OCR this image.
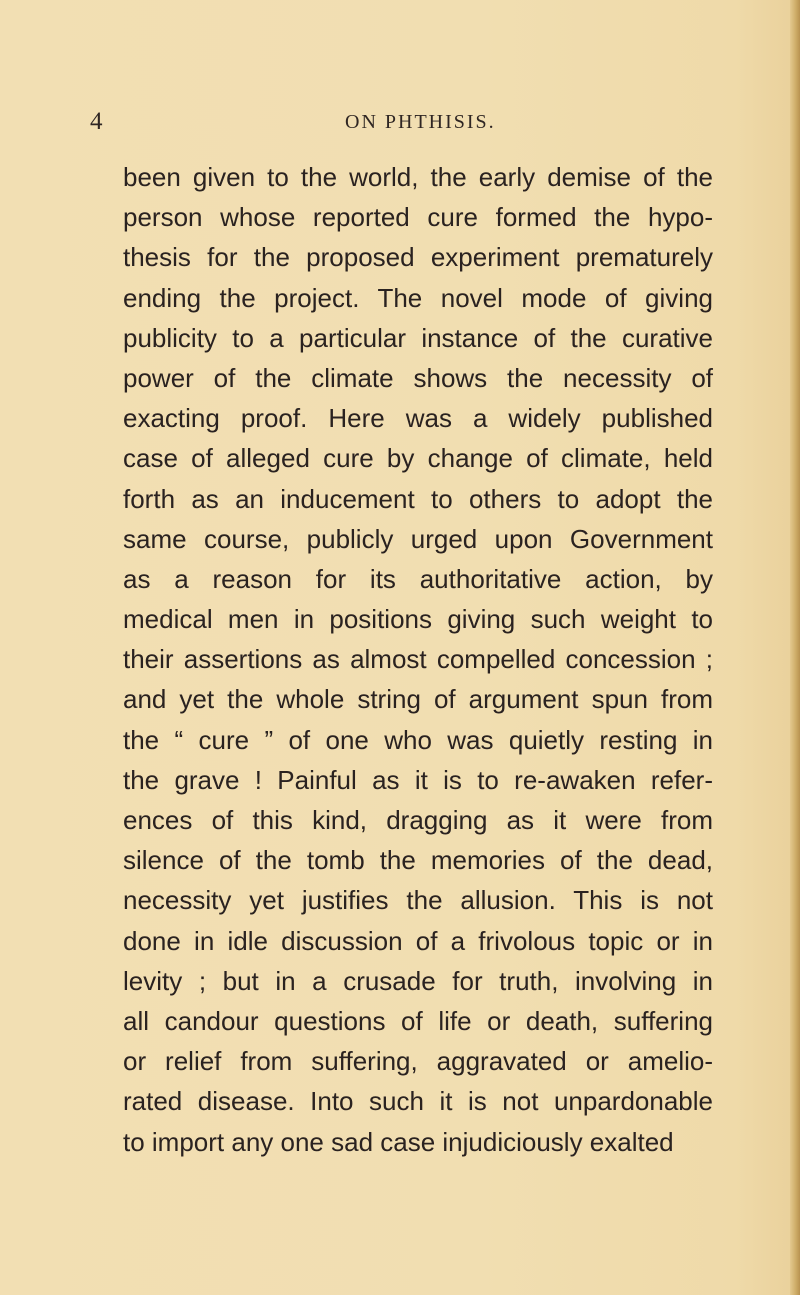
4	ON PHTHISIS.
been given to the world, the early demise of the
person whose reported cure formed the hypo-
thesis for the proposed experiment prematurely
ending the project. The novel mode of giving
publicity to a particular instance of the curative
power of the climate shows the necessity of
exacting proof. Here was a widely published
case of alleged cure by change of climate, held
forth as an inducement to others to adopt the
same course, publicly urged upon Government
as a reason for its authoritative action, by
medical men in positions giving such weight to
their assertions as almost compelled concession ;
and yet the whole string of argument spun from
the “ cure ” of one who was quietly resting in
the grave ! Painful as it is to re-awaken refer-
ences of this kind, dragging as it were from
silence of the tomb the memories of the dead,
necessity yet justifies the allusion. This is not
done in idle discussion of a frivolous topic or in
levity ; but in a crusade for truth, involving in
all candour questions of life or death, suffering
or relief from suffering, aggravated or amelio-
rated disease. Into such it is not unpardonable
to import any one sad case injudiciously exalted
